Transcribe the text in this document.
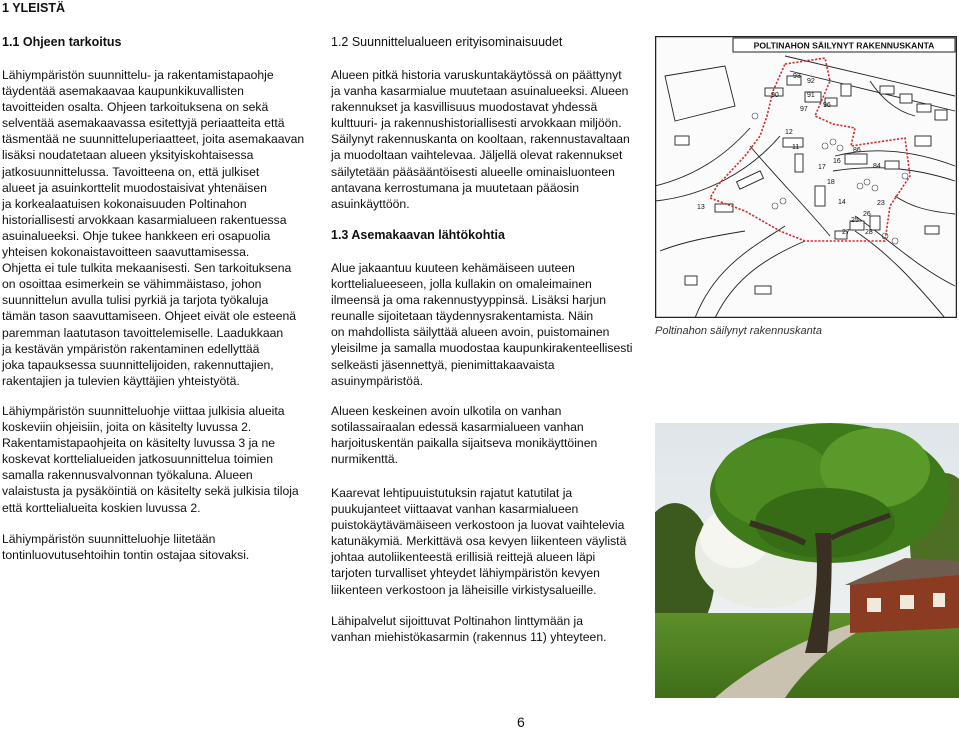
1 YLEISTÄ
1.1 Ohjeen tarkoitus

Lähiympäristön suunnittelu- ja rakentamistapaohje

täydentää asemakaavaa kaupunkikuvallisten

tavoitteiden osalta. Ohjeen tarkoituksena on sekä

selventää asemakaavassa esitettyjä periaatteita että

täsmentää ne suunnitteluperiaatteet, joita asemakaavan

lisäksi noudatetaan alueen yksityiskohtaisessa

jatkosuunnittelussa. Tavoitteena on, että julkiset

alueet ja asuinkorttelit muodostaisivat yhtenäisen

ja korkealaatuisen kokonaisuuden Poltinahon

historiallisesti arvokkaan kasarmialueen rakentuessa

asuinalueeksi. Ohje tukee hankkeen eri osapuolia

yhteisen kokonaistavoitteen saavuttamisessa.

Ohjetta ei tule tulkita mekaanisesti. Sen tarkoituksena

on osoittaa esimerkein se vähimmäistaso, johon

suunnittelun avulla tulisi pyrkiä ja tarjota työkaluja

tämän tason saavuttamiseen. Ohjeet eivät ole esteenä

paremman laatutason tavoittelemiselle. Laadukkaan

ja kestävän ympäristön rakentaminen edellyttää

joka tapauksessa suunnittelijoiden, rakennuttajien,

rakentajien ja tulevien käyttäjien yhteistyötä.

Lähiympäristön suunnitteluohje viittaa julkisia alueita

koskeviin ohjeisiin, joita on käsitelty luvussa 2.

Rakentamistapaohjeita on käsitelty luvussa 3 ja ne

koskevat korttelialueiden jatkosuunnittelua toimien

samalla rakennusvalvonnan työkaluna. Alueen

valaistusta ja pysäköintiä on käsitelty sekä julkisia tiloja

että korttelialueita koskien luvussa 2.

Lähiympäristön suunnitteluohje liitetään

tontinluovutusehtoihin tontin ostajaa sitovaksi.

1.2 Suunnittelualueen erityisominaisuudet

Alueen pitkä historia varuskuntakäytössä on päättynyt

ja vanha kasarmialue muutetaan asuinalueeksi. Alueen

rakennukset ja kasvillisuus muodostavat yhdessä

kulttuuri- ja rakennushistoriallisesti arvokkaan miljöön.

Säilynyt rakennuskanta on kooltaan, rakennustavaltaan

ja muodoltaan vaihtelevaa. Jäljellä olevat rakennukset

säilytetään pääsääntöisesti alueelle ominaisluonteen

antavana kerrostumana ja muutetaan pääosin

asuinkäyttöön.

1.3 Asemakaavan lähtökohtia

Alue jakaantuu kuuteen kehämäiseen uuteen

korttelialueeseen, jolla kullakin on omaleimainen

ilmeensä ja oma rakennustyyppinsä. Lisäksi harjun

reunalle sijoitetaan täydennysrakentamista. Näin

on mahdollista säilyttää alueen avoin, puistomainen

yleisilme ja samalla muodostaa kaupunkirakenteellisesti

selkeästi jäsennettyä, pienimittakaavaista

asuinympäristöä.

Alueen keskeinen avoin ulkotila on vanhan

sotilassairaalan edessä kasarmialueen vanhan

harjoituskentän paikalla sijaitseva monikäyttöinen

nurmikenttä.

Kaarevat lehtipuuistutuksin rajatut katutilat ja

puukujanteet viittaavat vanhan kasarmialueen

puistokäytävämäiseen verkostoon ja luovat vaihtelevia

katunäkymiä. Merkittävä osa kevyen liikenteen väylistä

johtaa autoliikenteestä erillisiä reittejä alueen läpi

tarjoten turvalliset yhteydet lähiympäristön kevyen

liikenteen verkostoon ja läheisille virkistysalueille.

Lähipalvelut sijoittuvat Poltinahon linttymään ja

vanhan miehistökasarmin (rakennus 11) yhteyteen.

POLTINAHON SÄILYNYT RAKENNUSKANTA
93
92
90	91
97
96
12
11	86
17
16
84
18
14
13
23
25
26
27 28
Poltinahon säilynyt rakennuskanta
6
